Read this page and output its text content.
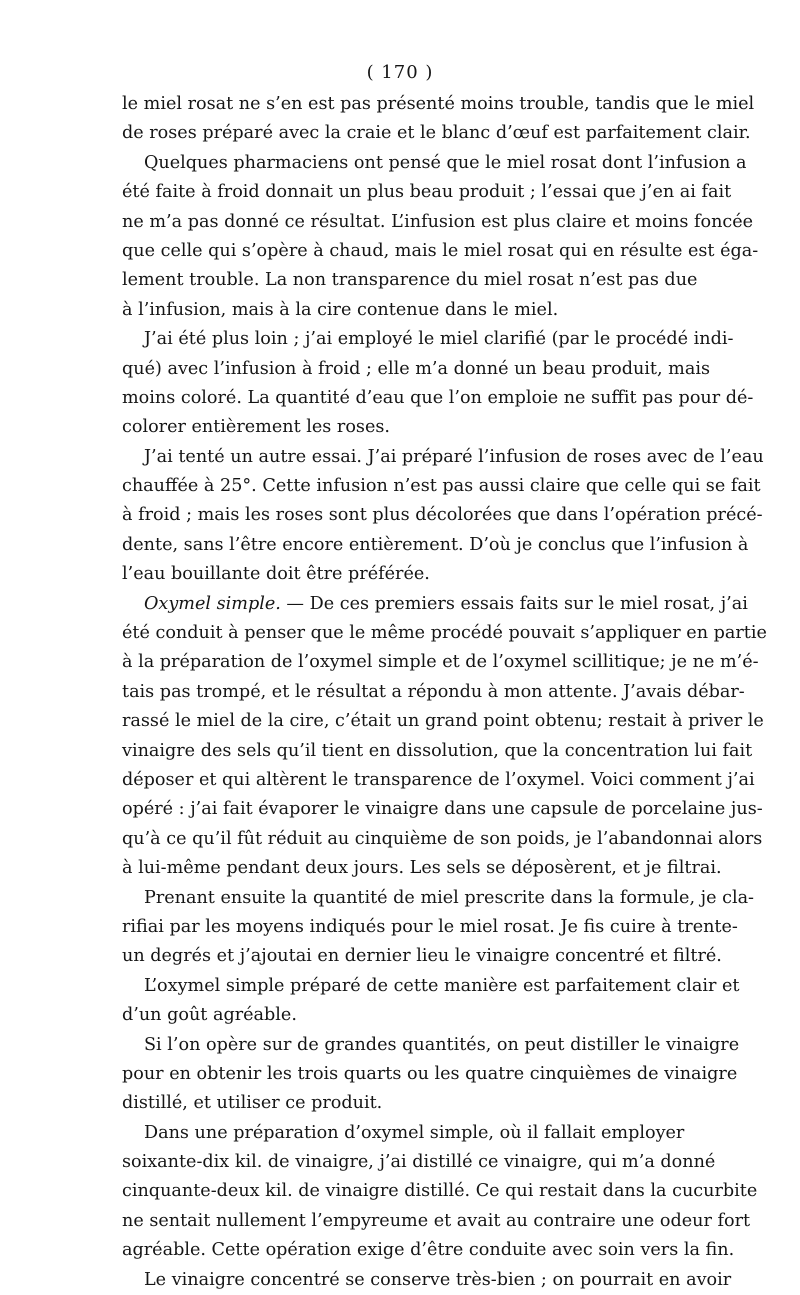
( 170 )
le miel rosat ne s’en est pas présenté moins trouble, tandis que le miel
de roses préparé avec la craie et le blanc d’œuf est parfaitement clair.
Quelques pharmaciens ont pensé que le miel rosat dont l’infusion a
été faite à froid donnait un plus beau produit ; l’essai que j’en ai fait
ne m’a pas donné ce résultat. L’infusion est plus claire et moins foncée
que celle qui s’opère à chaud, mais le miel rosat qui en résulte est éga-
lement trouble. La non transparence du miel rosat n’est pas due
à l’infusion, mais à la cire contenue dans le miel.
J’ai été plus loin ; j’ai employé le miel clarifié (par le procédé indi-
qué) avec l’infusion à froid ; elle m’a donné un beau produit, mais
moins coloré. La quantité d’eau que l’on emploie ne suffit pas pour dé-
colorer entièrement les roses.
J’ai tenté un autre essai. J’ai préparé l’infusion de roses avec de l’eau
chauffée à 25°. Cette infusion n’est pas aussi claire que celle qui se fait
à froid ; mais les roses sont plus décolorées que dans l’opération précé-
dente, sans l’être encore entièrement. D’où je conclus que l’infusion à
l’eau bouillante doit être préférée.
Oxymel simple. — De ces premiers essais faits sur le miel rosat, j’ai
été conduit à penser que le même procédé pouvait s’appliquer en partie
à la préparation de l’oxymel simple et de l’oxymel scillitique; je ne m’é-
tais pas trompé, et le résultat a répondu à mon attente. J’avais débar-
rassé le miel de la cire, c’était un grand point obtenu; restait à priver le
vinaigre des sels qu’il tient en dissolution, que la concentration lui fait
déposer et qui altèrent le transparence de l’oxymel. Voici comment j’ai
opéré : j’ai fait évaporer le vinaigre dans une capsule de porcelaine jus-
qu’à ce qu’il fût réduit au cinquième de son poids, je l’abandonnai alors
à lui-même pendant deux jours. Les sels se déposèrent, et je filtrai.
Prenant ensuite la quantité de miel prescrite dans la formule, je cla-
rifiai par les moyens indiqués pour le miel rosat. Je fis cuire à trente-
un degrés et j’ajoutai en dernier lieu le vinaigre concentré et filtré.
L’oxymel simple préparé de cette manière est parfaitement clair et
d’un goût agréable.
Si l’on opère sur de grandes quantités, on peut distiller le vinaigre
pour en obtenir les trois quarts ou les quatre cinquièmes de vinaigre
distillé, et utiliser ce produit.
Dans une préparation d’oxymel simple, où il fallait employer
soixante-dix kil. de vinaigre, j’ai distillé ce vinaigre, qui m’a donné
cinquante-deux kil. de vinaigre distillé. Ce qui restait dans la cucurbite
ne sentait nullement l’empyreume et avait au contraire une odeur fort
agréable. Cette opération exige d’être conduite avec soin vers la fin.
Le vinaigre concentré se conserve très-bien ; on pourrait en avoir
